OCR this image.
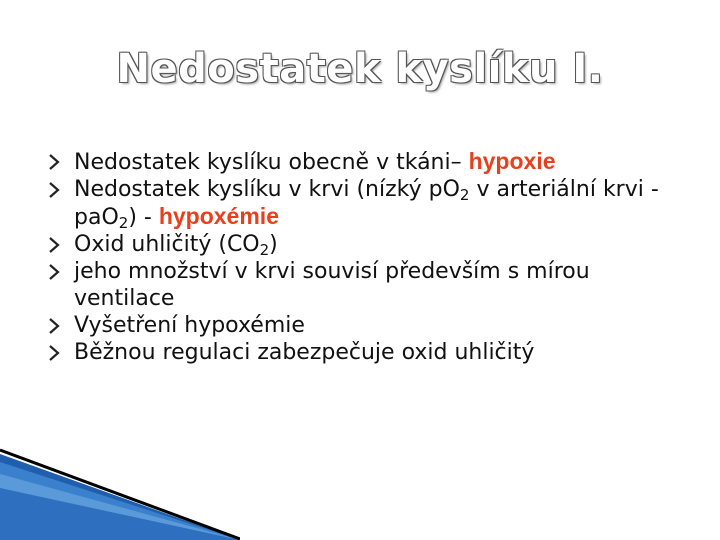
Nedostatek kyslíku I.
Nedostatek kyslíku obecně v tkáni– hypoxie
Nedostatek kyslíku v krvi (nízký $pO_2$ v arteriální krvi - paO$_2$) - hypoxémie
Oxid uhličitý $(CO_2)$
jeho množství v krvi souvisí především s mírou ventilace
Vyšetření hypoxémie
Běžnou regulaci zabezpečuje oxid uhličitý
